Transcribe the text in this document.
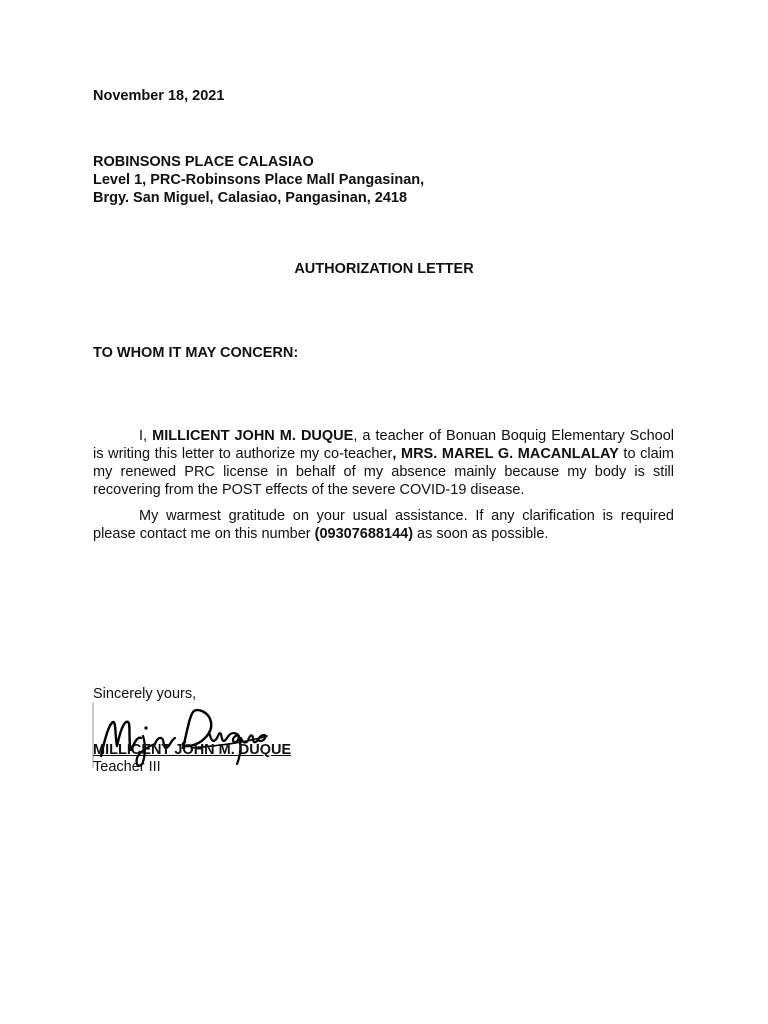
November 18, 2021
ROBINSONS PLACE CALASIAO
Level 1, PRC-Robinsons Place Mall Pangasinan,
Brgy. San Miguel, Calasiao, Pangasinan, 2418
AUTHORIZATION LETTER
TO WHOM IT MAY CONCERN:

I, MILLICENT JOHN M. DUQUE, a teacher of Bonuan Boquig Elementary School is writing this letter to authorize my co-teacher, MRS. MAREL G. MACANLALAY to claim my renewed PRC license in behalf of my absence mainly because my body is still recovering from the POST effects of the severe COVID-19 disease.

My warmest gratitude on your usual assistance. If any clarification is required please contact me on this number (09307688144) as soon as possible.

Sincerely yours,
MILLICENT JOHN M. DUQUE
Teacher III
